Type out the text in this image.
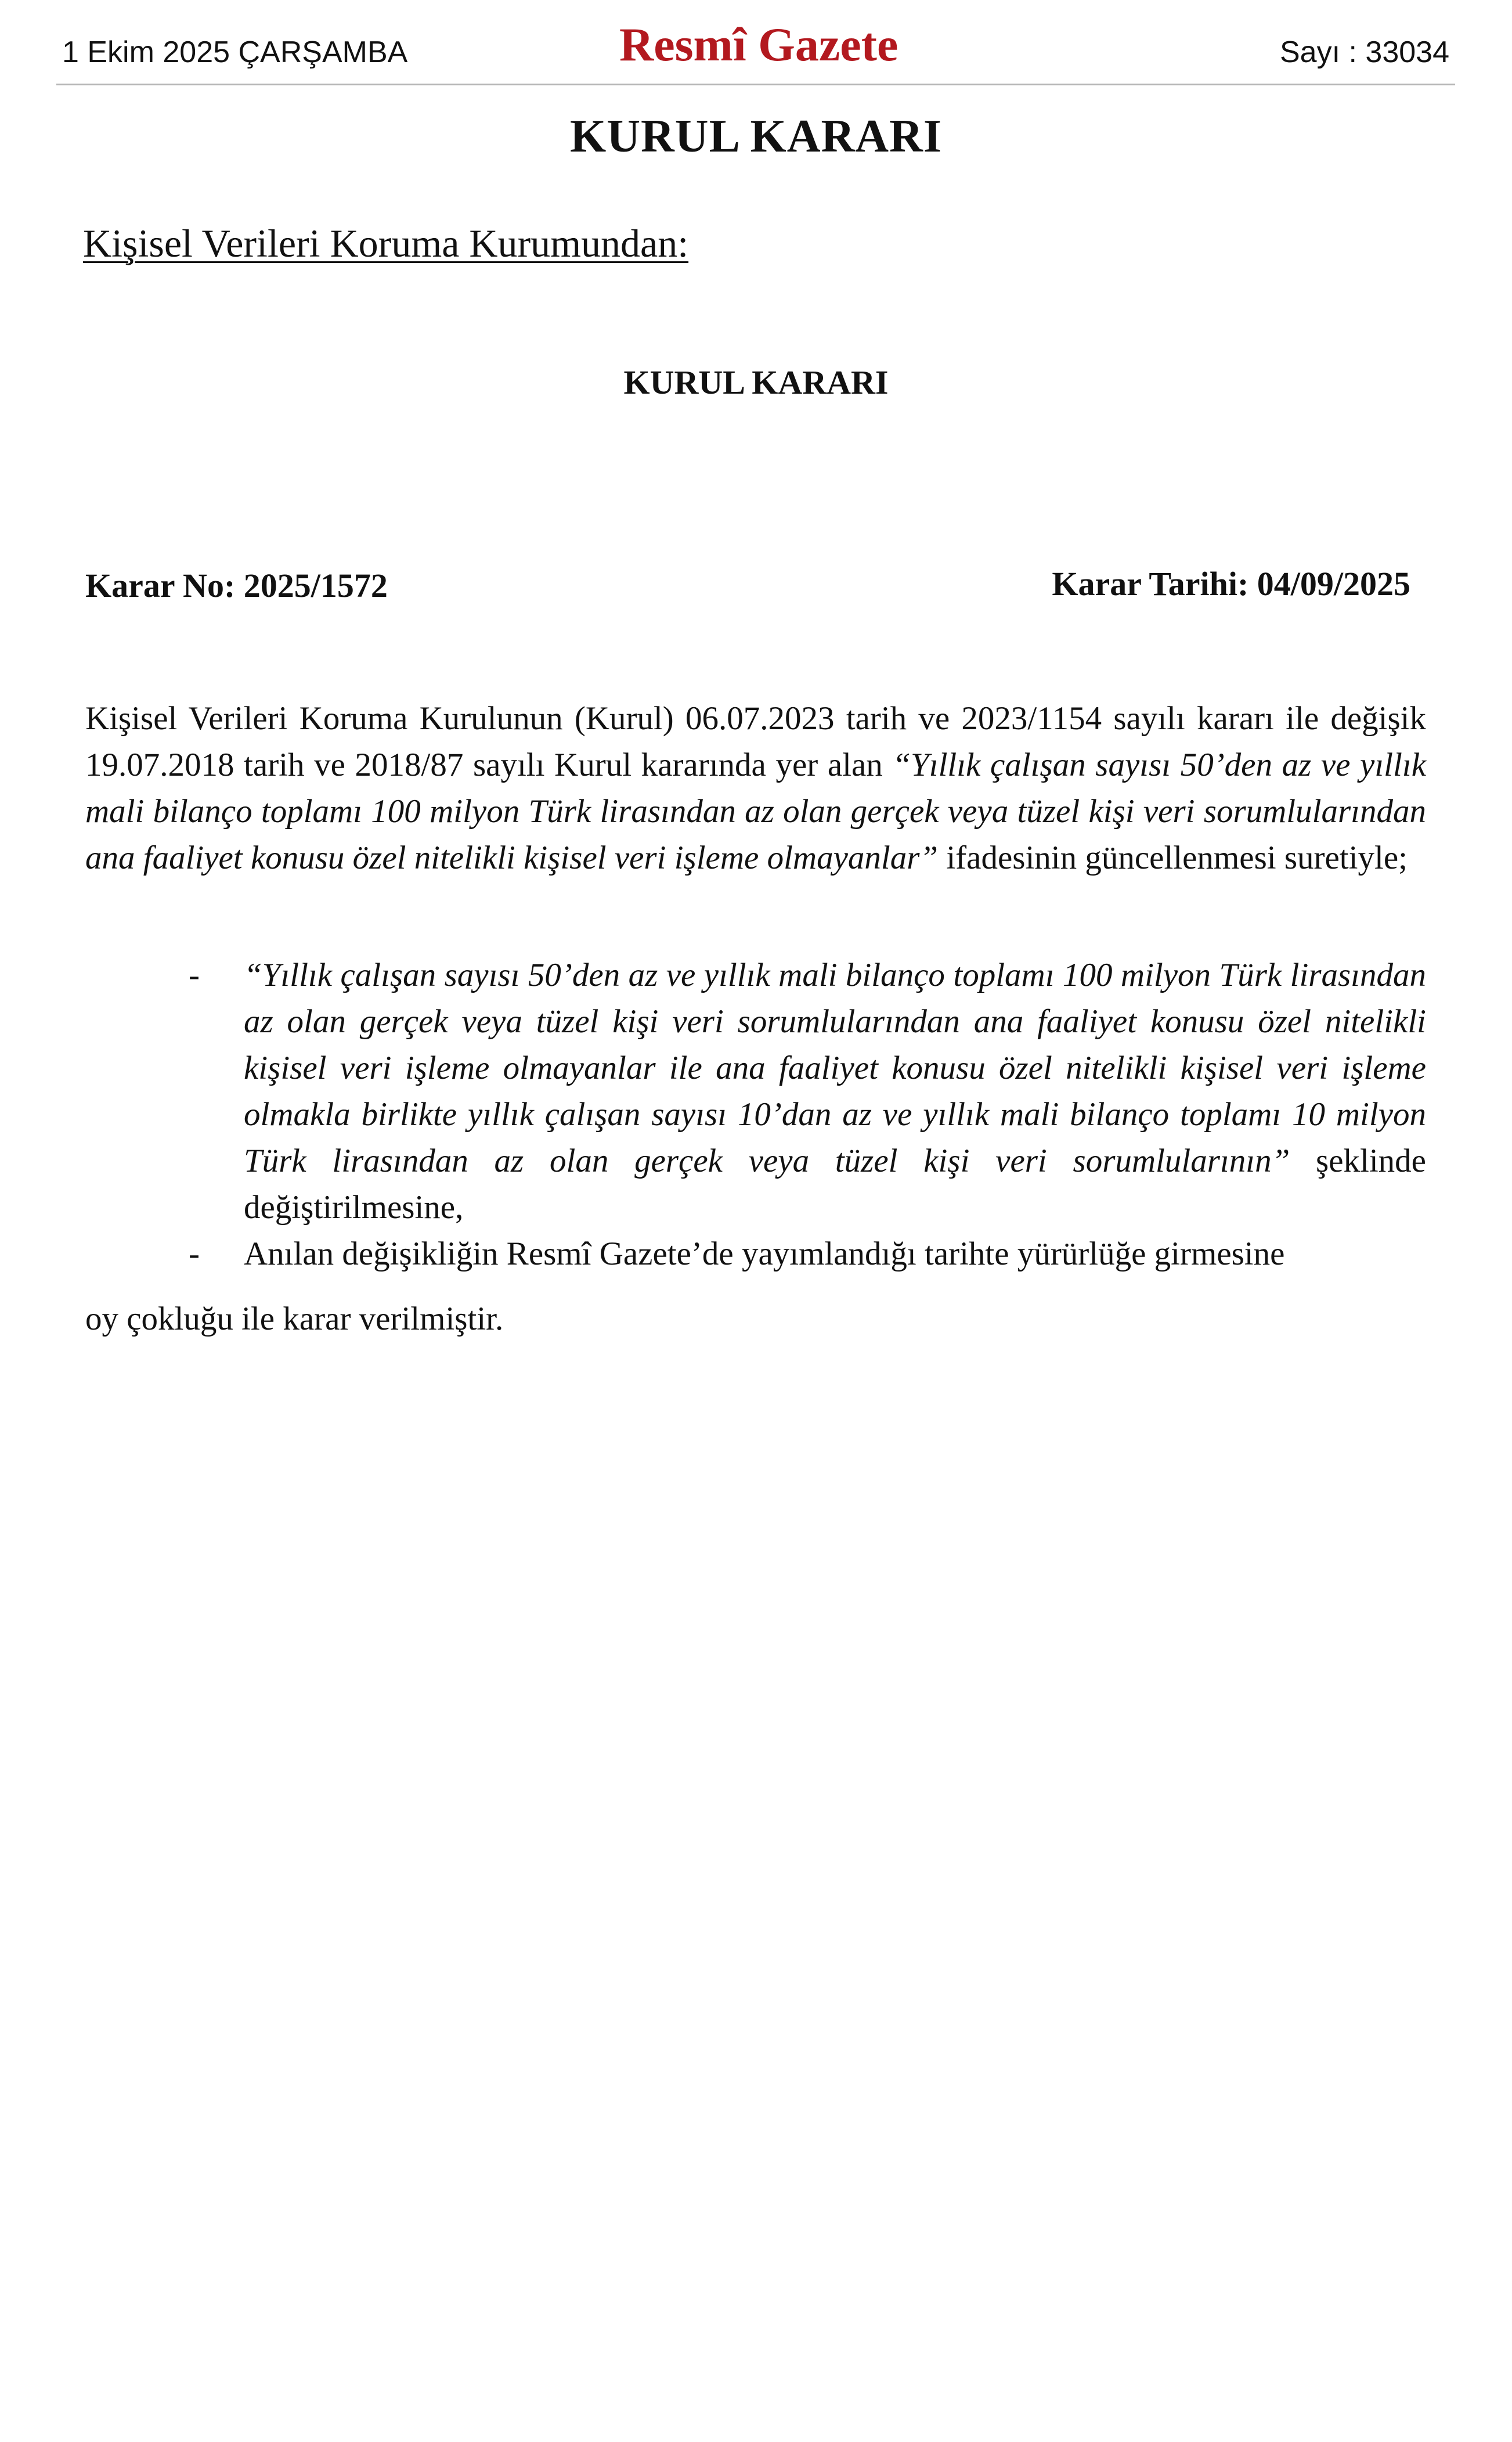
1 Ekim 2025 ÇARŞAMBA	Resmî Gazete	Sayı : 33034
KURUL KARARI
Kişisel Verileri Koruma Kurumundan:
KURUL KARARI
Karar No: 2025/1572	Karar Tarihi: 04/09/2025

Kişisel Verileri Koruma Kurulunun (Kurul) 06.07.2023 tarih ve 2023/1154 sayılı kararı ile değişik 19.07.2018 tarih ve 2018/87 sayılı Kurul kararında yer alan “Yıllık çalışan sayısı 50’den az ve yıllık mali bilanço toplamı 100 milyon Türk lirasından az olan gerçek veya tüzel kişi veri sorumlularından ana faaliyet konusu özel nitelikli kişisel veri işleme olmayanlar” ifadesinin güncellenmesi suretiyle;

- “Yıllık çalışan sayısı 50’den az ve yıllık mali bilanço toplamı 100 milyon Türk lirasından az olan gerçek veya tüzel kişi veri sorumlularından ana faaliyet konusu özel nitelikli kişisel veri işleme olmayanlar ile ana faaliyet konusu özel nitelikli kişisel veri işleme olmakla birlikte yıllık çalışan sayısı 10’dan az ve yıllık mali bilanço toplamı 10 milyon Türk lirasından az olan gerçek veya tüzel kişi veri sorumlularının” şeklinde değiştirilmesine,
- Anılan değişikliğin Resmî Gazete’de yayımlandığı tarihte yürürlüğe girmesine
oy çokluğu ile karar verilmiştir.
